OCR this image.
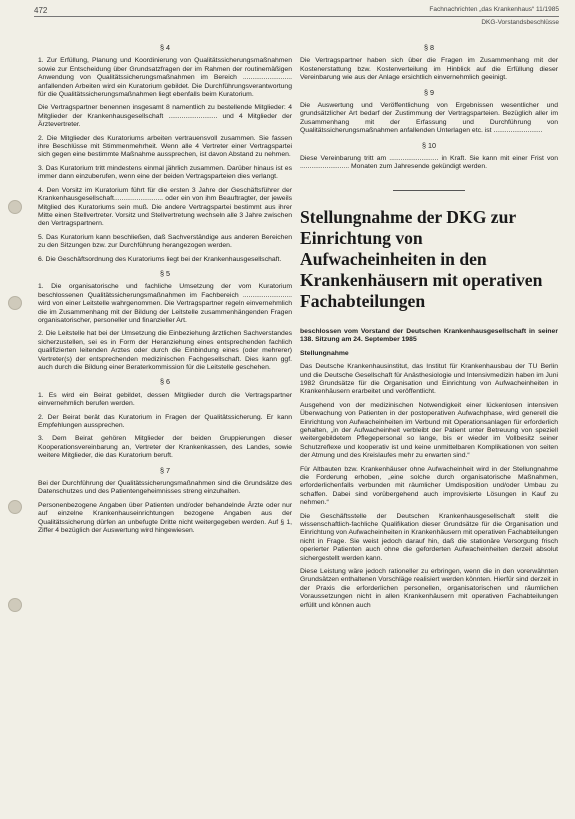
472	Fachnachrichten „das Krankenhaus“ 11/1985
DKG-Vorstandsbeschlüsse
§ 4

1. Zur Erfüllung, Planung und Koordinierung von Qualitätssicherungsmaßnahmen sowie zur Entscheidung über Grundsatzfragen der im Rahmen der routinemäßigen Anwendung von Qualitätssicherungsmaßnahmen im Bereich .......................... anfallenden Arbeiten wird ein Kuratorium gebildet. Die Durchführungsverantwortung für die Qualitätssicherungsmaßnahmen liegt ebenfalls beim Kuratorium.

Die Vertragspartner benennen insgesamt 8 namentlich zu bestellende Mitglieder: 4 Mitglieder der Krankenhausgesellschaft .......................... und 4 Mitglieder der Ärztevertreter.

2. Die Mitglieder des Kuratoriums arbeiten vertrauensvoll zusammen. Sie fassen ihre Beschlüsse mit Stimmenmehrheit. Wenn alle 4 Vertreter einer Vertragspartei sich gegen eine bestimmte Maßnahme aussprechen, ist davon Abstand zu nehmen.

3. Das Kuratorium tritt mindestens einmal jährlich zusammen. Darüber hinaus ist es immer dann einzuberufen, wenn eine der beiden Vertragsparteien dies verlangt.

4. Den Vorsitz im Kuratorium führt für die ersten 3 Jahre der Geschäftsführer der Krankenhausgesellschaft.......................... oder ein von ihm Beauftragter, der jeweils Mitglied des Kuratoriums sein muß. Die andere Vertragspartei bestimmt aus ihrer Mitte einen Stellvertreter. Vorsitz und Stellvertretung wechseln alle 3 Jahre zwischen den Vertragspartnern.

5. Das Kuratorium kann beschließen, daß Sachverständige aus anderen Bereichen zu den Sitzungen bzw. zur Durchführung herangezogen werden.

6. Die Geschäftsordnung des Kuratoriums liegt bei der Krankenhausgesellschaft.

§ 5

1. Die organisatorische und fachliche Umsetzung der vom Kuratorium beschlossenen Qualitätssicherungsmaßnahmen im Fachbereich .......................... wird von einer Leitstelle wahrgenommen. Die Vertragspartner regeln einvernehmlich die im Zusammenhang mit der Bildung der Leitstelle zusammenhängenden Fragen organisatorischer, personeller und finanzieller Art.

2. Die Leitstelle hat bei der Umsetzung die Einbeziehung ärztlichen Sachverstandes sicherzustellen, sei es in Form der Heranziehung eines entsprechenden fachlich qualifizierten leitenden Arztes oder durch die Einbindung eines (oder mehrerer) Vertreter(s) der entsprechenden medizinischen Fachgesellschaft. Dies kann ggf. auch durch die Bildung einer Beraterkommission für die Leitstelle geschehen.

§ 6

1. Es wird ein Beirat gebildet, dessen Mitglieder durch die Vertragspartner einvernehmlich berufen werden.

2. Der Beirat berät das Kuratorium in Fragen der Qualitätssicherung. Er kann Empfehlungen aussprechen.

3. Dem Beirat gehören Mitglieder der beiden Gruppierungen dieser Kooperationsvereinbarung an, Vertreter der Krankenkassen, des Landes, sowie weitere Mitglieder, die das Kuratorium beruft.

§ 7

Bei der Durchführung der Qualitätssicherungsmaßnahmen sind die Grundsätze des Datenschutzes und des Patientengeheimnisses streng einzuhalten.

Personenbezogene Angaben über Patienten und/oder behandelnde Ärzte oder nur auf einzelne Krankenhauseinrichtungen bezogene Angaben aus der Qualitätssicherung dürfen an unbefugte Dritte nicht weitergegeben werden. Auf § 1, Ziffer 4 bezüglich der Auswertung wird hingewiesen.

§ 8

Die Vertragspartner haben sich über die Fragen im Zusammenhang mit der Kostenerstattung bzw. Kostenverteilung im Hinblick auf die Erfüllung dieser Vereinbarung wie aus der Anlage ersichtlich einvernehmlich geeinigt.

§ 9

Die Auswertung und Veröffentlichung von Ergebnissen wesentlicher und grundsätzlicher Art bedarf der Zustimmung der Vertragsparteien. Bezüglich aller im Zusammenhang mit der Erfassung und Durchführung von Qualitätssicherungsmaßnahmen anfallenden Unterlagen etc. ist ..........................

§ 10

Diese Vereinbarung tritt am .......................... in Kraft. Sie kann mit einer Frist von .......................... Monaten zum Jahresende gekündigt werden.

Stellungnahme der DKG zur Einrichtung von Aufwacheinheiten in den Krankenhäusern mit operativen Fachabteilungen

beschlossen vom Vorstand der Deutschen Krankenhausgesellschaft in seiner 138. Sitzung am 24. September 1985

Stellungnahme

Das Deutsche Krankenhausinstitut, das Institut für Krankenhausbau der TU Berlin und die Deutsche Gesellschaft für Anästhesiologie und Intensivmedizin haben im Juni 1982 Grundsätze für die Organisation und Einrichtung von Aufwacheinheiten in Krankenhäusern erarbeitet und veröffentlicht.

Ausgehend von der medizinischen Notwendigkeit einer lückenlosen intensiven Überwachung von Patienten in der postoperativen Aufwachphase, wird generell die Einrichtung von Aufwacheinheiten im Verbund mit Operationsanlagen für erforderlich gehalten, „in der Aufwacheinheit verbleibt der Patient unter Betreuung von speziell weitergebildetem Pflegepersonal so lange, bis er wieder im Vollbesitz seiner Schutzreflexe und kooperativ ist und keine unmittelbaren Komplikationen von seiten der Atmung und des Kreislaufes mehr zu erwarten sind.“

Für Altbauten bzw. Krankenhäuser ohne Aufwacheinheit wird in der Stellungnahme die Forderung erhoben, „eine solche durch organisatorische Maßnahmen, erforderlichenfalls verbunden mit räumlicher Umdisposition und/oder Umbau zu schaffen. Dabei sind vorübergehend auch improvisierte Lösungen in Kauf zu nehmen.“

Die Geschäftsstelle der Deutschen Krankenhausgesellschaft stellt die wissenschaftlich-fachliche Qualifikation dieser Grundsätze für die Organisation und Einrichtung von Aufwacheinheiten in Krankenhäusern mit operativen Fachabteilungen nicht in Frage. Sie weist jedoch darauf hin, daß die stationäre Versorgung frisch operierter Patienten auch ohne die geforderten Aufwacheinheiten derzeit absolut sichergestellt werden kann.

Diese Leistung wäre jedoch rationeller zu erbringen, wenn die in den vorerwähnten Grundsätzen enthaltenen Vorschläge realisiert werden könnten. Hierfür sind derzeit in der Praxis die erforderlichen personellen, organisatorischen und räumlichen Voraussetzungen nicht in allen Krankenhäusern mit operativen Fachabteilungen erfüllt und können auch
